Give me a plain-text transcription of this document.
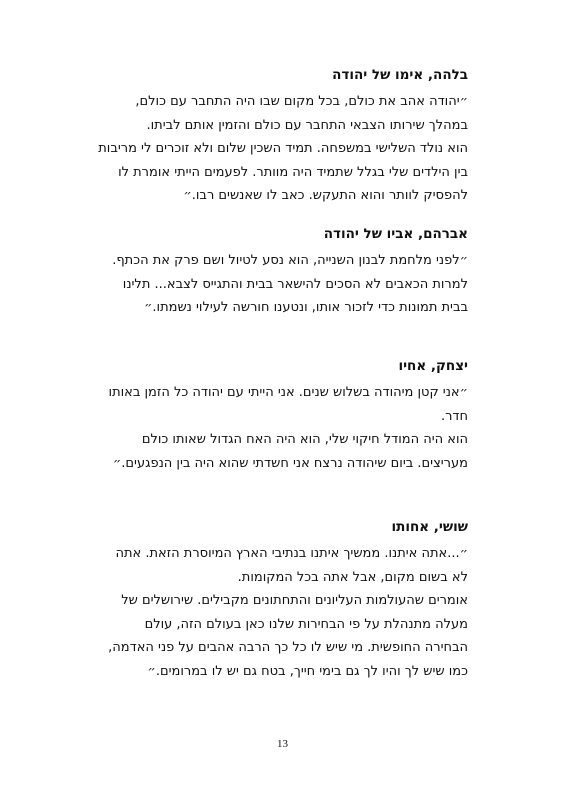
בלהה, אימו של יהודה
״יהודה אהב את כולם, בכל מקום שבו היה התחבר עם כולם, במהלך שירותו הצבאי התחבר עם כולם והזמין אותם לביתו.
הוא נולד השלישי במשפחה. תמיד השכין שלום ולא זוכרים לי מריבות בין הילדים שלי בגלל שתמיד היה מוותר. לפעמים הייתי אומרת לו להפסיק לוותר והוא התעקש. כאב לו שאנשים רבו.״
אברהם, אביו של יהודה
״לפני מלחמת לבנון השנייה, הוא נסע לטיול ושם פרק את הכתף. למרות הכאבים לא הסכים להישאר בבית והתגייס לצבא... תלינו בבית תמונות כדי לזכור אותו, ונטענו חורשה לעילוי נשמתו.״
יצחק, אחיו
״אני קטן מיהודה בשלוש שנים. אני הייתי עם יהודה כל הזמן באותו חדר.
הוא היה המודל חיקוי שלי, הוא היה האח הגדול שאותו כולם מעריצים. ביום שיהודה נרצח אני חשדתי שהוא היה בין הנפגעים.״
שושי, אחותו
״...אתה איתנו. ממשיך איתנו בנתיבי הארץ המיוסרת הזאת. אתה לא בשום מקום, אבל אתה בכל המקומות.
אומרים שהעולמות העליונים והתחתונים מקבילים. שירושלים של מעלה מתנהלת על פי הבחירות שלנו כאן בעולם הזה, עולם הבחירה החופשית. מי שיש לו כל כך הרבה אהבים על פני האדמה, כמו שיש לך והיו לך גם בימי חייך, בטח גם יש לו במרומים.״
13
